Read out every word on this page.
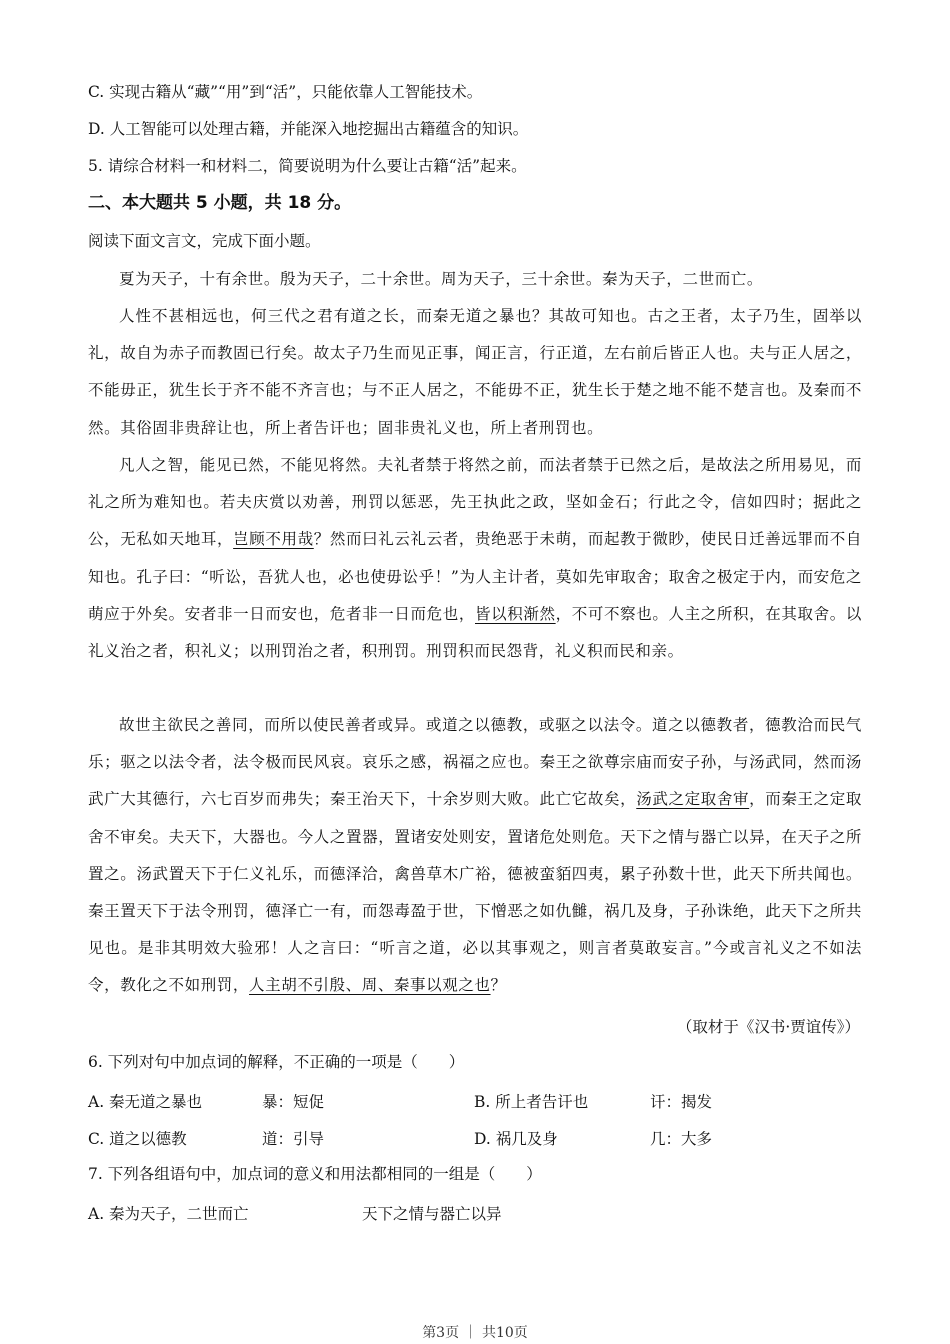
C. 实现古籍从“藏”“用”到“活”，只能依靠人工智能技术。
D. 人工智能可以处理古籍，并能深入地挖掘出古籍蕴含的知识。
5. 请综合材料一和材料二，简要说明为什么要让古籍“活”起来。
二、本大题共 5 小题，共 18 分。
阅读下面文言文，完成下面小题。

夏为天子，十有余世。殷为天子，二十余世。周为天子，三十余世。秦为天子，二世而亡。

人性不甚相远也，何三代之君有道之长，而秦无道之暴也？其故可知也。古之王者，太子乃生，固举以礼，故自为赤子而教固已行矣。故太子乃生而见正事，闻正言，行正道，左右前后皆正人也。夫与正人居之，不能毋正，犹生长于齐不能不齐言也；与不正人居之，不能毋不正，犹生长于楚之地不能不楚言也。及秦而不然。其俗固非贵辞让也，所上者告讦也；固非贵礼义也，所上者刑罚也。

凡人之智，能见已然，不能见将然。夫礼者禁于将然之前，而法者禁于已然之后，是故法之所用易见，而礼之所为难知也。若夫庆赏以劝善，刑罚以惩恶，先王执此之政，坚如金石；行此之令，信如四时；据此之公，无私如天地耳，岂顾不用哉？然而曰礼云礼云者，贵绝恶于未萌，而起教于微眇，使民日迁善远罪而不自知也。孔子曰：“听讼，吾犹人也，必也使毋讼乎！”为人主计者，莫如先审取舍；取舍之极定于内，而安危之萌应于外矣。安者非一日而安也，危者非一日而危也，皆以积渐然，不可不察也。人主之所积，在其取舍。以礼义治之者，积礼义；以刑罚治之者，积刑罚。刑罚积而民怨背，礼义积而民和亲。

故世主欲民之善同，而所以使民善者或异。或道之以德教，或驱之以法令。道之以德教者，德教洽而民气乐；驱之以法令者，法令极而民风哀。哀乐之感，祸福之应也。秦王之欲尊宗庙而安子孙，与汤武同，然而汤武广大其德行，六七百岁而弗失；秦王治天下，十余岁则大败。此亡它故矣，汤武之定取舍审，而秦王之定取舍不审矣。夫天下，大器也。今人之置器，置诸安处则安，置诸危处则危。天下之情与器亡以异，在天子之所置之。汤武置天下于仁义礼乐，而德泽洽，禽兽草木广裕，德被蛮貊四夷，累子孙数十世，此天下所共闻也。秦王置天下于法令刑罚，德泽亡一有，而怨毒盈于世，下憎恶之如仇雠，祸几及身，子孙诛绝，此天下之所共见也。是非其明效大验邪！人之言曰：“听言之道，必以其事观之，则言者莫敢妄言。”今或言礼义之不如法令，教化之不如刑罚，人主胡不引殷、周、秦事以观之也？

（取材于《汉书·贾谊传》）
6. 下列对句中加点词的解释，不正确的一项是（　　）
A. 秦无道之暴也	暴：短促	B. 所上者告讦也	讦：揭发
C. 道之以德教	道：引导	D. 祸几及身	几：大多
7. 下列各组语句中，加点词的意义和用法都相同的一组是（　　）
A. 秦为天子，二世而亡	天下之情与器亡以异
第3页 ｜ 共10页
